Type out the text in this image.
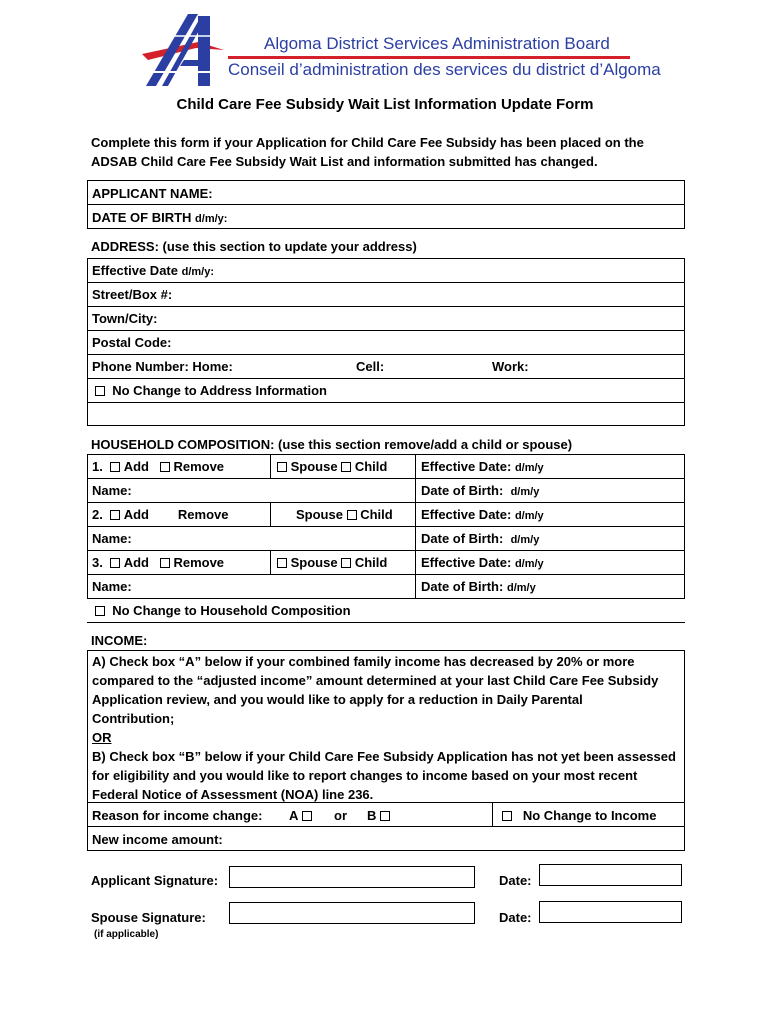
Algoma District Services Administration Board
Conseil d’administration des services du district d’Algoma
Child Care Fee Subsidy Wait List Information Update Form
Complete this form if your Application for Child Care Fee Subsidy has been placed on the
ADSAB Child Care Fee Subsidy Wait List and information submitted has changed.
APPLICANT NAME:
DATE OF BIRTH d/m/y:
ADDRESS: (use this section to update your address)
Effective Date d/m/y:
Street/Box #:
Town/City:
Postal Code:
Phone Number: Home:	Cell:	Work:
No Change to Address Information
HOUSEHOLD COMPOSITION: (use this section remove/add a child or spouse)
1. Add Remove	Spouse Child	Effective Date: d/m/y
Name:	Date of Birth: d/m/y
2. Add Remove	Spouse Child Effective Date: d/m/y
Name:	Date of Birth: d/m/y
3. Add Remove	Spouse Child	Effective Date: d/m/y
Name:	Date of Birth: d/m/y
No Change to Household Composition
INCOME:
A) Check box “A” below if your combined family income has decreased by 20% or more
compared to the “adjusted income” amount determined at your last Child Care Fee Subsidy
Application review, and you would like to apply for a reduction in Daily Parental
Contribution;
OR
B) Check box “B” below if your Child Care Fee Subsidy Application has not yet been assessed
for eligibility and you would like to report changes to income based on your most recent
Federal Notice of Assessment (NOA) line 236.
Reason for income change: A	or B	No Change to Income
New income amount:
Applicant Signature:	Date:
Spouse Signature:	Date:
(if applicable)
